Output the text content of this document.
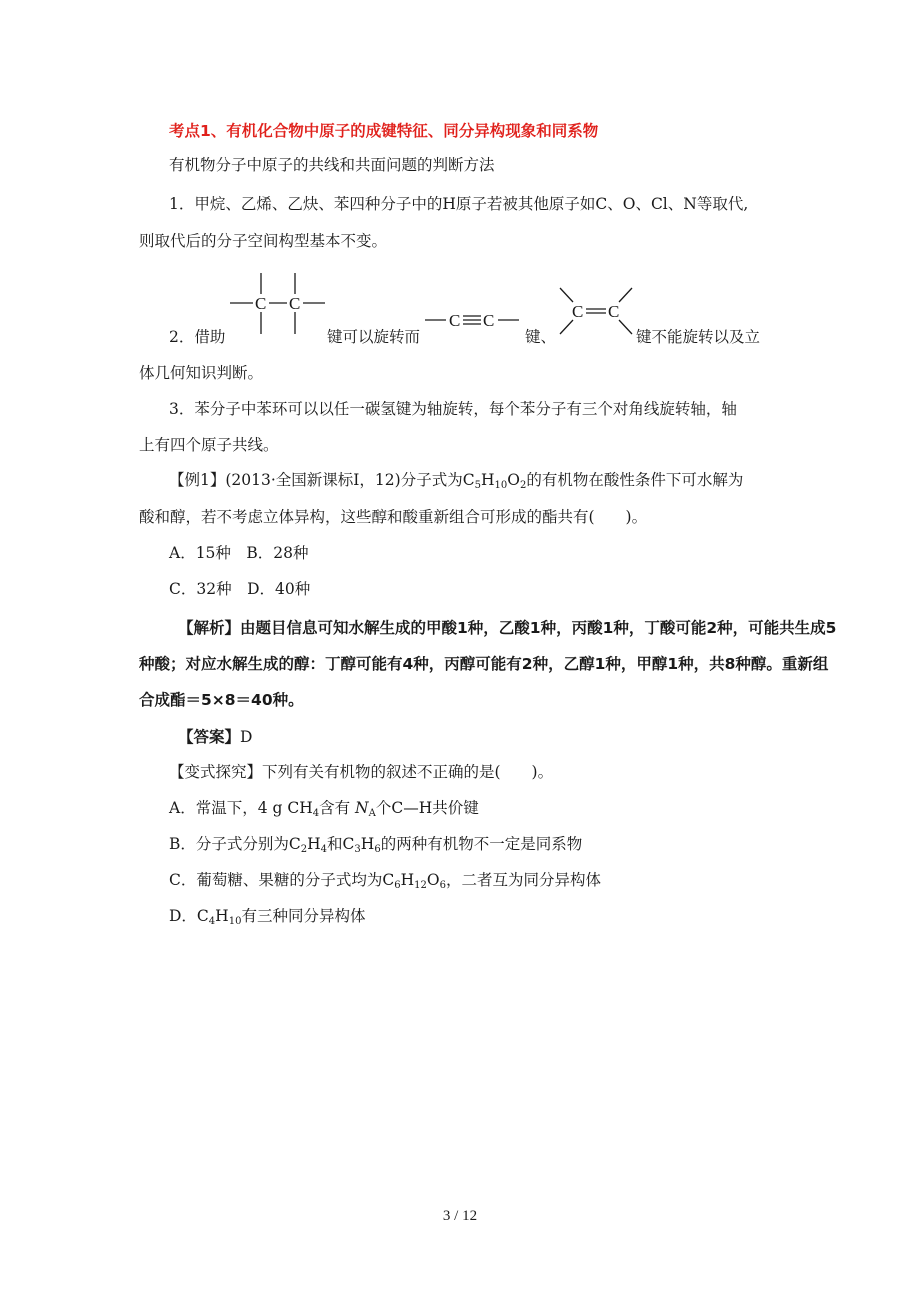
考点1、有机化合物中原子的成键特征、同分异构现象和同系物
有机物分子中原子的共线和共面问题的判断方法
1．甲烷、乙烯、乙炔、苯四种分子中的H原子若被其他原子如C、O、Cl、N等取代,
则取代后的分子空间构型基本不变。
2．借助
C C
键可以旋转而
C C
键、
C C
键不能旋转以及立
体几何知识判断。
3．苯分子中苯环可以以任一碳氢键为轴旋转，每个苯分子有三个对角线旋转轴，轴
上有四个原子共线。
【例1】(2013·全国新课标Ⅰ，12)分子式为$C_5H_{10}O_2$的有机物在酸性条件下可水解为
酸和醇，若不考虑立体异构，这些醇和酸重新组合可形成的酯共有(　　)。
A．15种　B．28种
C．32种　D．40种
【解析】由题目信息可知水解生成的甲酸1种，乙酸1种，丙酸1种，丁酸可能2种，可能共生成5
种酸；对应水解生成的醇：丁醇可能有4种，丙醇可能有2种，乙醇1种，甲醇1种，共8种醇。重新组
合成酯＝5×8＝40种。
【答案】D
【变式探究】下列有关有机物的叙述不正确的是(　　)。
A．常温下，4 g $CH_4$含有 $N_A$个C—H共价键
B．分子式分别为$C_2H_4$和$C_3H_6$的两种有机物不一定是同系物
C．葡萄糖、果糖的分子式均为$C_6H_{12}O_6$，二者互为同分异构体
D．$C_4H_{10}$有三种同分异构体
3 / 12
